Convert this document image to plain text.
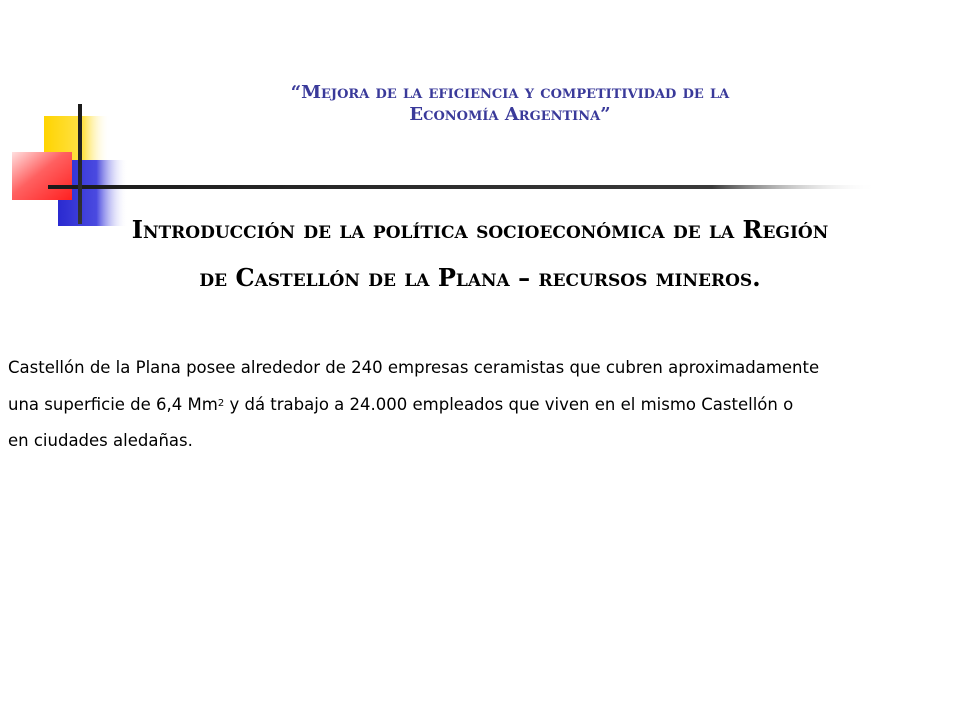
“Mejora de la eficiencia y competitividad de la
Economía Argentina”
Introducción de la política socioeconómica de la Región
de Castellón de la Plana – recursos mineros.

Castellón de la Plana posee alrededor de 240 empresas ceramistas que cubren aproximadamente

una superficie de 6,4 Mm$^2$ y dá trabajo a 24.000 empleados que viven en el mismo Castellón o

en ciudades aledañas.
